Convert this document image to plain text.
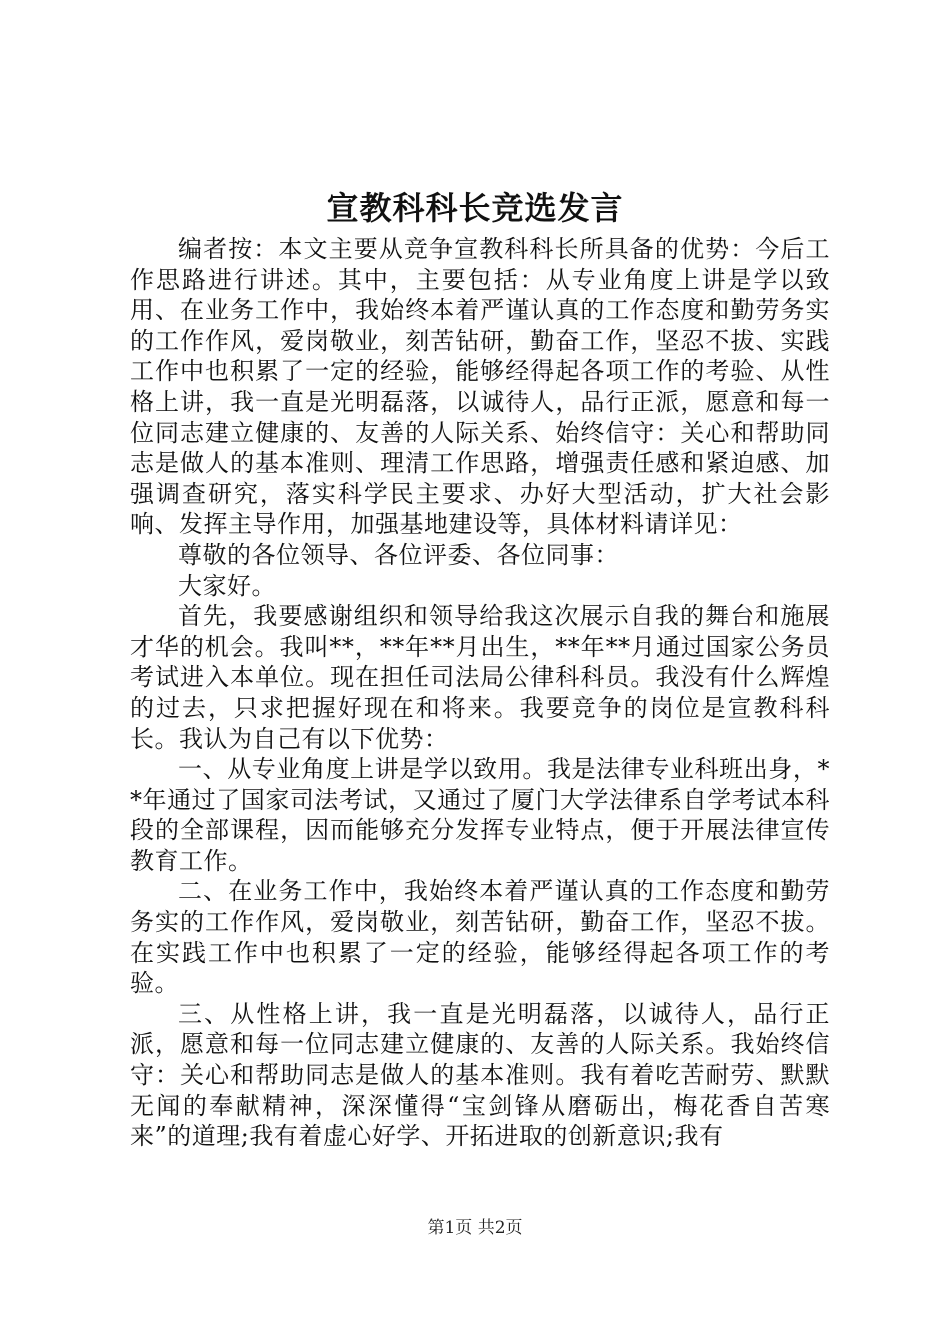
宣教科科长竞选发言

编者按：本文主要从竞争宣教科科长所具备的优势：今后工作思路进行讲述。其中，主要包括：从专业角度上讲是学以致用、在业务工作中，我始终本着严谨认真的工作态度和勤劳务实的工作作风，爱岗敬业，刻苦钻研，勤奋工作，坚忍不拔、实践工作中也积累了一定的经验，能够经得起各项工作的考验、从性格上讲，我一直是光明磊落，以诚待人，品行正派，愿意和每一位同志建立健康的、友善的人际关系、始终信守：关心和帮助同志是做人的基本准则、理清工作思路，增强责任感和紧迫感、加强调查研究，落实科学民主要求、办好大型活动，扩大社会影响、发挥主导作用，加强基地建设等，具体材料请详见：

尊敬的各位领导、各位评委、各位同事：

大家好。

首先，我要感谢组织和领导给我这次展示自我的舞台和施展才华的机会。我叫**，**年**月出生，**年**月通过国家公务员考试进入本单位。现在担任司法局公律科科员。我没有什么辉煌的过去，只求把握好现在和将来。我要竞争的岗位是宣教科科长。我认为自己有以下优势：

一、从专业角度上讲是学以致用。我是法律专业科班出身，**年通过了国家司法考试，又通过了厦门大学法律系自学考试本科段的全部课程，因而能够充分发挥专业特点，便于开展法律宣传教育工作。

二、在业务工作中，我始终本着严谨认真的工作态度和勤劳务实的工作作风，爱岗敬业，刻苦钻研，勤奋工作，坚忍不拔。在实践工作中也积累了一定的经验，能够经得起各项工作的考验。

三、从性格上讲，我一直是光明磊落，以诚待人，品行正派，愿意和每一位同志建立健康的、友善的人际关系。我始终信守：关心和帮助同志是做人的基本准则。我有着吃苦耐劳、默默无闻的奉献精神，深深懂得“宝剑锋从磨砺出，梅花香自苦寒来”的道理;我有着虚心好学、开拓进取的创新意识;我有

第1页 共2页
